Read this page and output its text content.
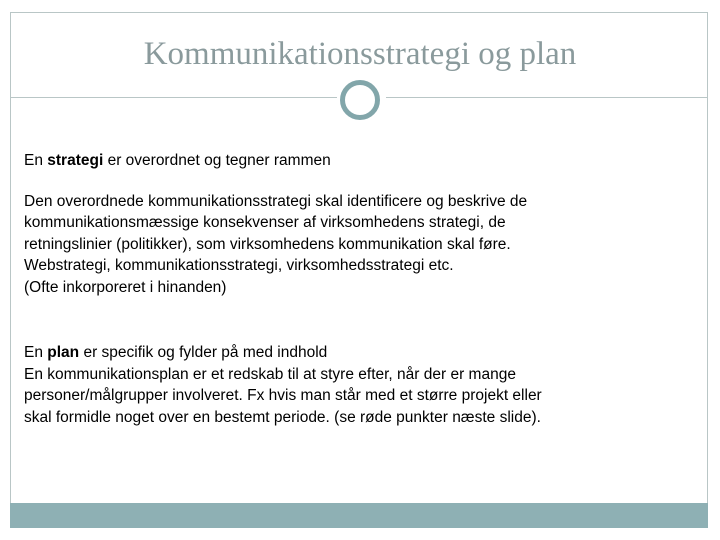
Kommunikationsstrategi og plan

En strategi er overordnet og tegner rammen

Den overordnede kommunikationsstrategi skal identificere og beskrive de
kommunikationsmæssige konsekvenser af virksomhedens strategi, de
retningslinier (politikker), som virksomhedens kommunikation skal føre.
Webstrategi, kommunikationsstrategi, virksomhedsstrategi etc.
(Ofte inkorporeret i hinanden)

En plan er specifik og fylder på med indhold
En kommunikationsplan er et redskab til at styre efter, når der er mange
personer/målgrupper involveret. Fx hvis man står med et større projekt eller
skal formidle noget over en bestemt periode. (se røde punkter næste slide).
